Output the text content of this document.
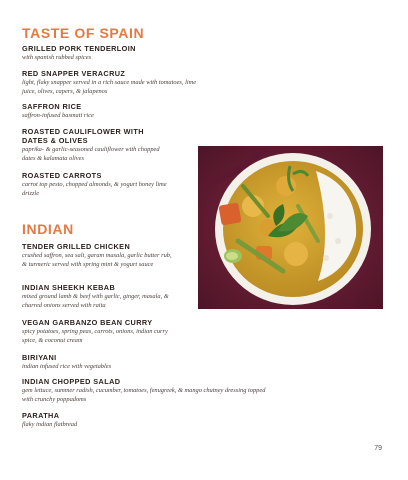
TASTE OF SPAIN
GRILLED PORK TENDERLOIN
with spanish rubbed spices
RED SNAPPER VERACRUZ
light, flaky snapper served in a rich sauce made with tomatoes, lime juice, olives, capers, & jalapenos
SAFFRON RICE
saffron-infused basmati rice
ROASTED CAULIFLOWER WITH DATES & OLIVES
paprika- & garlic-seasoned cauliflower with chopped dates & kalamata olives
ROASTED CARROTS
carrot top pesto, chopped almonds, & yogurt honey lime drizzle
INDIAN
TENDER GRILLED CHICKEN
crushed saffron, sea salt, garam masala, garlic butter rub, & turmeric served with spring mint & yogurt sauce
INDIAN SHEEKH KEBAB
mixed ground lamb & beef with garlic, ginger, masala, & charred onions served with raita
VEGAN GARBANZO BEAN CURRY
spicy potatoes, spring peas, carrots, onions, indian curry spice, & coconut cream
BIRIYANI
indian infused rice with vegetables
INDIAN CHOPPED SALAD
gem lettuce, summer radish, cucumber, tomatoes, fenugreek, & mango chutney dressing topped with crunchy poppadoms
PARATHA
flaky indian flatbread
79
